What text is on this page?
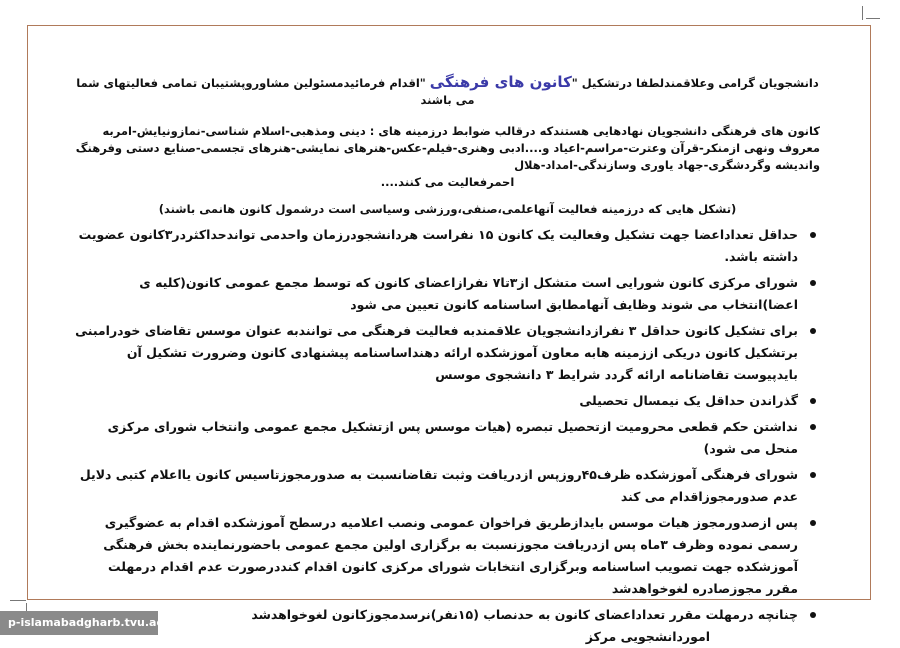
دانشجویان گرامی وعلاقمندلطفا درتشکیل "کانون های فرهنگی "اقدام فرمائیدمسئولین مشاوروپشتیبان تمامی فعالیتهای شما می باشند

کانون های فرهنگی دانشجویان نهادهایی هستندکه درقالب ضوابط درزمینه های : دینی ومذهبی-اسلام شناسی-نمازونیایش-امربه معروف ونهی ازمنکر-قرآن وعترت-مراسم-اعیاد و....ادبی وهنری-فیلم-عکس-هنرهای نمایشی-هنرهای تجسمی-صنایع دستی وفرهنگ واندیشه وگردشگری-جهاد یاوری وسازندگی-امداد-هلال

احمرفعالیت می کنند....

(تشکل هایی که درزمینه فعالیت آنهاعلمی،صنفی،ورزشی وسیاسی است درشمول کانون هانمی باشند)

حداقل تعداداعضا جهت تشکیل وفعالیت یک کانون ۱۵ نفراست هردانشجودرزمان واحدمی تواندحداکثردر۳کانون عضویت داشته باشد.
شورای مرکزی کانون شورایی است متشکل از۳تا۷ نفرازاعضای کانون که توسط مجمع عمومی کانون(کلیه ی اعضا)انتخاب می شوند وظایف آنهامطابق اساسنامه کانون تعیین می شود
برای تشکیل کانون حداقل ۳ نفرازدانشجویان علاقمندبه فعالیت فرهنگی می توانندبه عنوان موسس تقاضای خودرامبنی برتشکیل کانون دریکی اززمینه هابه معاون آموزشکده ارائه دهنداساسنامه پیشنهادی کانون وضرورت تشکیل آن بایدپیوست تقاضانامه ارائه گردد شرایط ۳ دانشجوی موسس
گذراندن حداقل یک نیمسال تحصیلی
نداشتن حکم قطعی محرومیت ازتحصیل تبصره (هیات موسس پس ازتشکیل مجمع عمومی وانتخاب شورای مرکزی منحل می شود)
شورای فرهنگی آموزشکده ظرف۴۵روزپس ازدریافت وثبت تقاضانسبت به صدورمجوزتاسیس کانون یااعلام کتبی دلایل عدم صدورمجوزاقدام می کند
پس ازصدورمجوز هیات موسس بایدازطریق فراخوان عمومی ونصب اعلامیه درسطح آموزشکده اقدام به عضوگیری رسمی نموده وظرف ۳ماه پس ازدریافت مجوزنسبت به برگزاری اولین مجمع عمومی باحضورنماینده بخش فرهنگی آموزشکده جهت تصویب اساسنامه وبرگزاری انتخابات شورای مرکزی کانون اقدام کنددرصورت عدم اقدام درمهلت مقرر مجوزصادره لغوخواهدشد
چنانچه درمهلت مقرر تعداداعضای کانون به حدنصاب (۱۵نفر)نرسدمجوزکانون لغوخواهدشد
اموردانشجویی مرکز
p-islamabadgharb.tvu.ac.ir
